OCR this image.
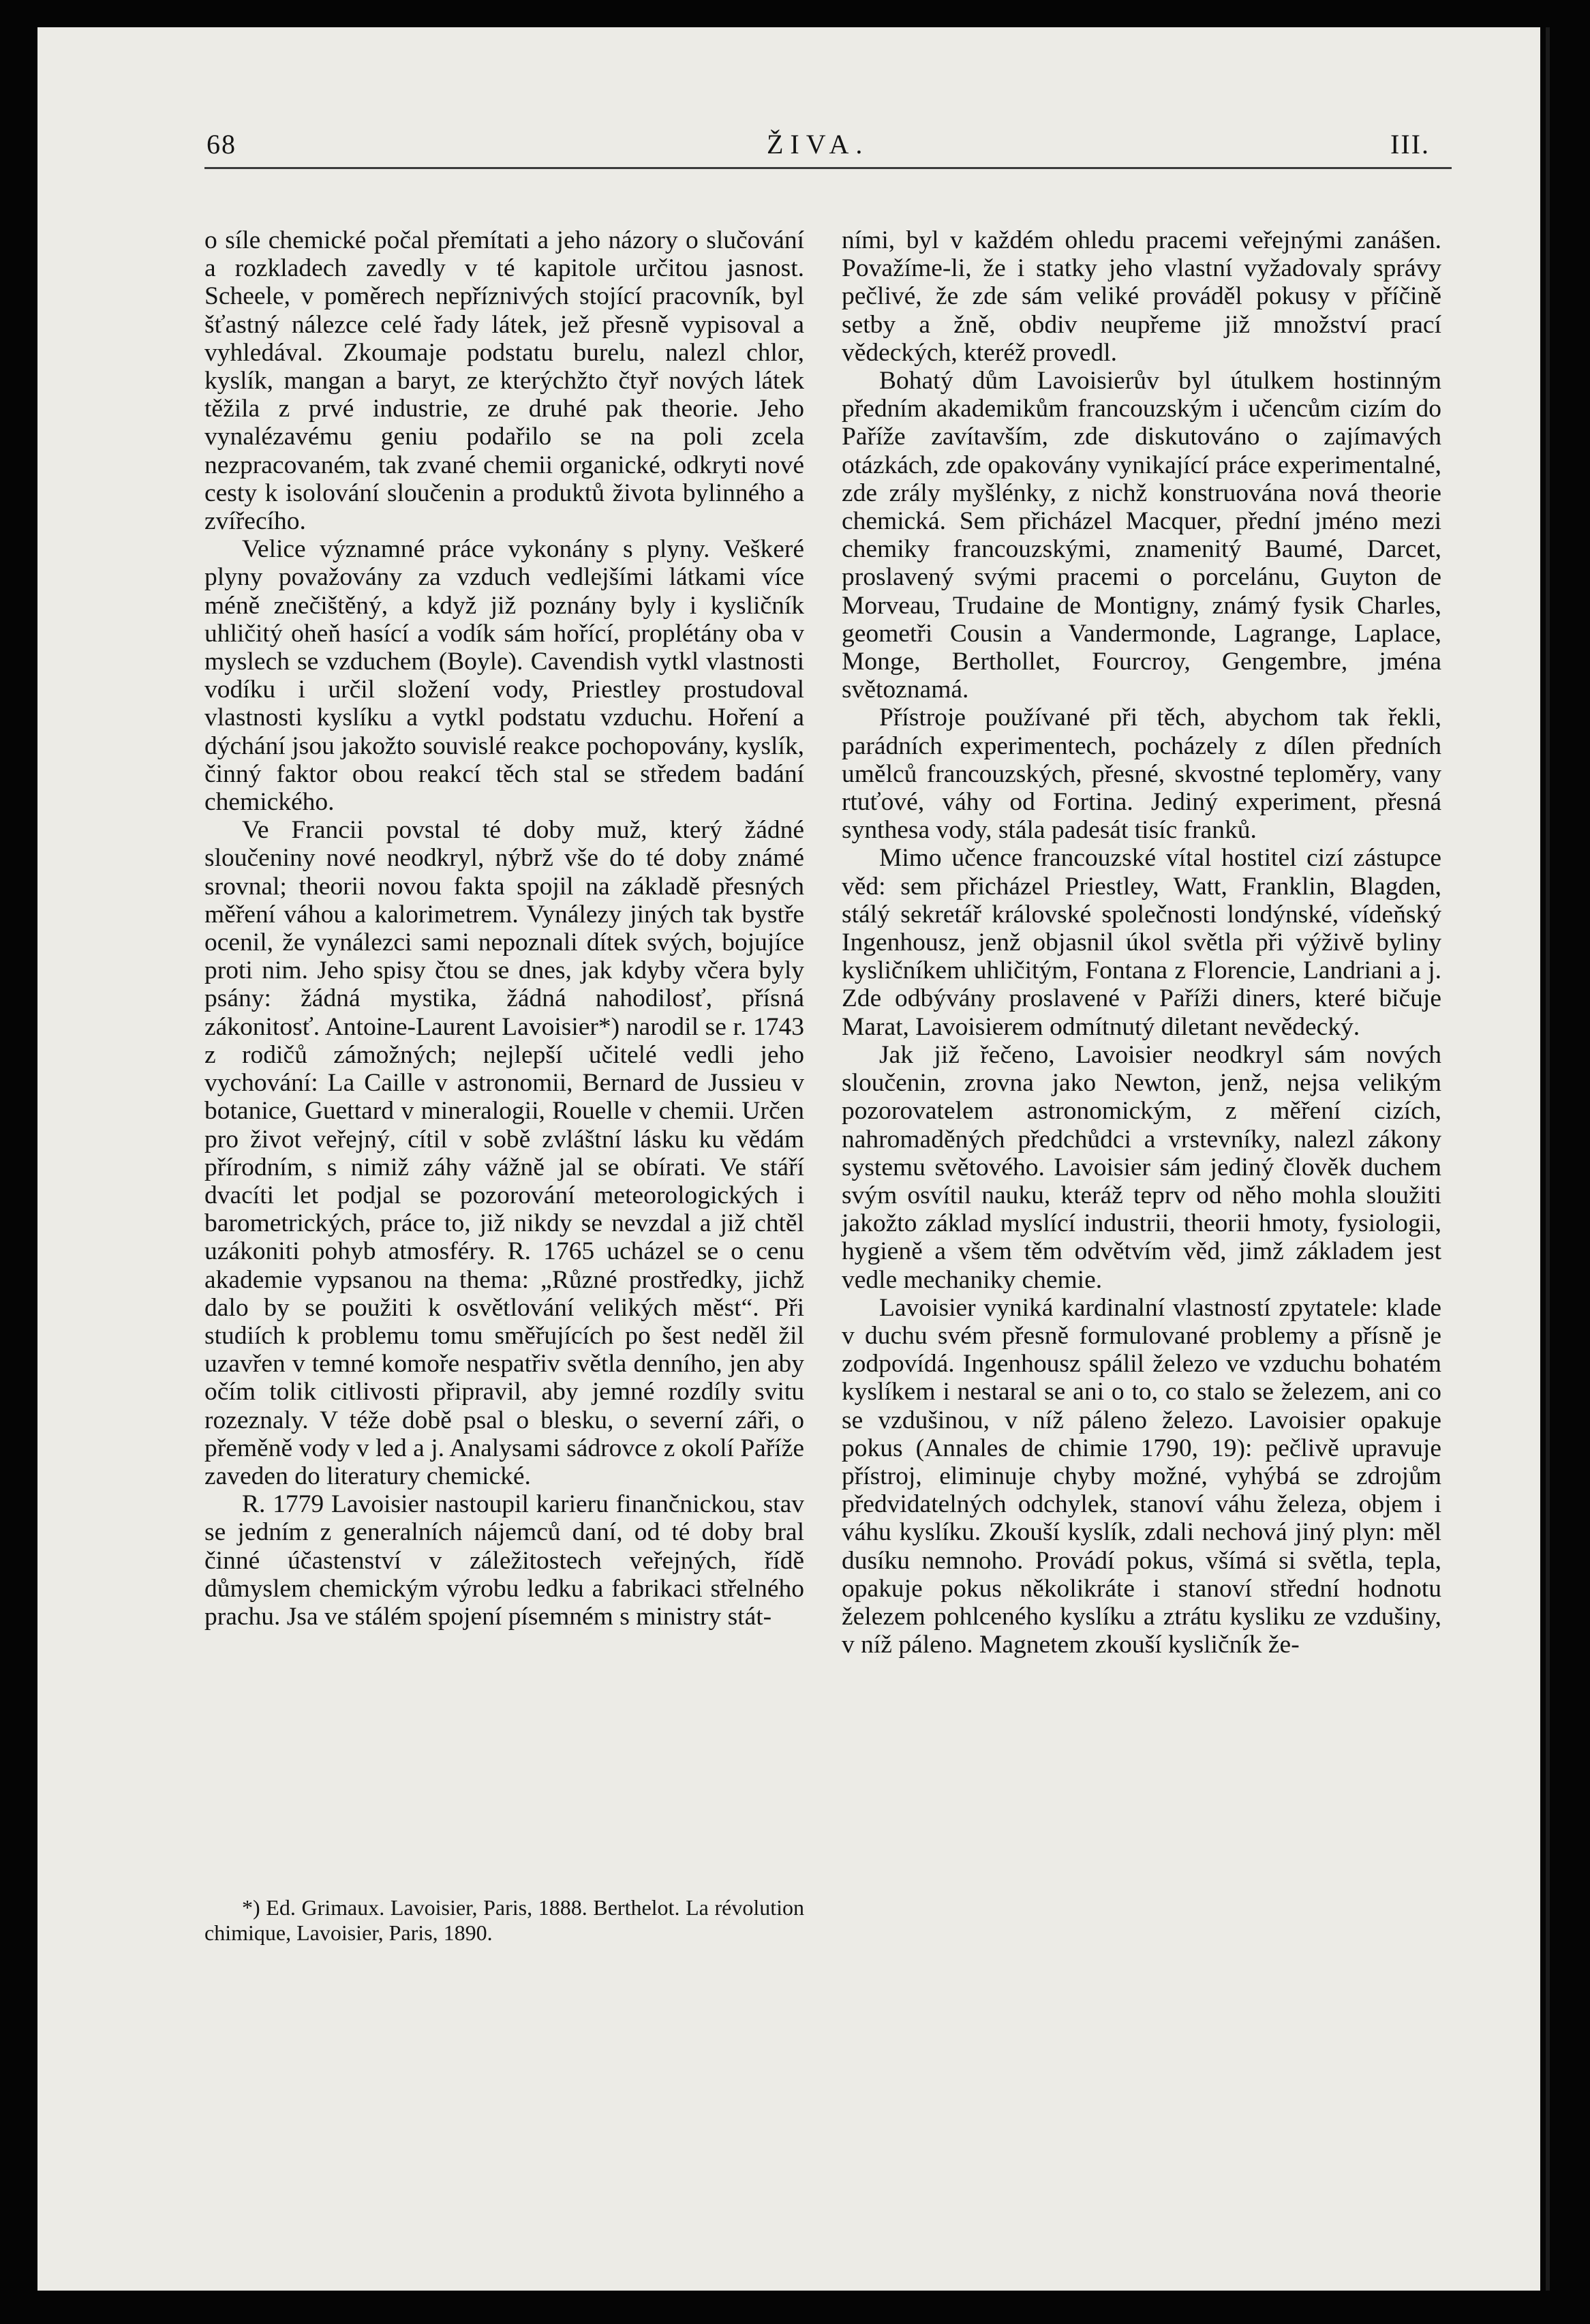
68	ŽIVA.	III.

o síle chemické počal přemítati a jeho názory o slučování a rozkladech zavedly v té kapitole určitou jasnost. Scheele, v poměrech nepříznivých stojící pracovník, byl šťastný nálezce celé řady látek, jež přesně vypisoval a vyhledával. Zkoumaje podstatu burelu, nalezl chlor, kyslík, mangan a baryt, ze kterýchžto čtyř nových látek těžila z prvé industrie, ze druhé pak theorie. Jeho vynalézavému geniu podařilo se na poli zcela nezpracovaném, tak zvané chemii organické, odkryti nové cesty k isolování sloučenin a produktů života bylinného a zvířecího.

Velice významné práce vykonány s plyny. Veškeré plyny považovány za vzduch vedlejšími látkami více méně znečištěný, a když již poznány byly i kysličník uhličitý oheň hasící a vodík sám hořící, proplétány oba v myslech se vzduchem (Boyle). Cavendish vytkl vlastnosti vodíku i určil složení vody, Priestley prostudoval vlastnosti kyslíku a vytkl podstatu vzduchu. Hoření a dýchání jsou jakožto souvislé reakce pochopovány, kyslík, činný faktor obou reakcí těch stal se středem badání chemického.

Ve Francii povstal té doby muž, který žádné sloučeniny nové neodkryl, nýbrž vše do té doby známé srovnal; theorii novou fakta spojil na základě přesných měření váhou a kalorimetrem. Vynálezy jiných tak bystře ocenil, že vynálezci sami nepoznali dítek svých, bojujíce proti nim. Jeho spisy čtou se dnes, jak kdyby včera byly psány: žádná mystika, žádná nahodilosť, přísná zákonitosť. Antoine-Laurent Lavoisier*) narodil se r. 1743 z rodičů zámožných; nejlepší učitelé vedli jeho vychování: La Caille v astronomii, Bernard de Jussieu v botanice, Guettard v mineralogii, Rouelle v chemii. Určen pro život veřejný, cítil v sobě zvláštní lásku ku vědám přírodním, s nimiž záhy vážně jal se obírati. Ve stáří dvacíti let podjal se pozorování meteorologických i barometrických, práce to, již nikdy se nevzdal a již chtěl uzákoniti pohyb atmosféry. R. 1765 ucházel se o cenu akademie vypsanou na thema: „Různé prostředky, jichž dalo by se použiti k osvětlování velikých měst“. Při studiích k problemu tomu směřujících po šest neděl žil uzavřen v temné komoře nespatřiv světla denního, jen aby očím tolik citlivosti připravil, aby jemné rozdíly svitu rozeznaly. V téže době psal o blesku, o severní záři, o přeměně vody v led a j. Analysami sádrovce z okolí Paříže zaveden do literatury chemické.

R. 1779 Lavoisier nastoupil karieru finančnickou, stav se jedním z generalních nájemců daní, od té doby bral činné účastenství v záležitostech veřejných, řídě důmyslem chemickým výrobu ledku a fabrikaci střelného prachu. Jsa ve stálém spojení písemném s ministry stát-

*) Ed. Grimaux. Lavoisier, Paris, 1888. Berthelot. La révolution chimique, Lavoisier, Paris, 1890.

ními, byl v každém ohledu pracemi veřejnými zanášen. Považíme-li, že i statky jeho vlastní vyžadovaly správy pečlivé, že zde sám veliké prováděl pokusy v příčině setby a žně, obdiv neupřeme již množství prací vědeckých, kteréž provedl.

Bohatý dům Lavoisierův byl útulkem hostinným předním akademikům francouzským i učencům cizím do Paříže zavítavším, zde diskutováno o zajímavých otázkách, zde opakovány vynikající práce experimentalné, zde zrály myšlénky, z nichž konstruována nová theorie chemická. Sem přicházel Macquer, přední jméno mezi chemiky francouzskými, znamenitý Baumé, Darcet, proslavený svými pracemi o porcelánu, Guyton de Morveau, Trudaine de Montigny, známý fysik Charles, geometři Cousin a Vandermonde, Lagrange, Laplace, Monge, Berthollet, Fourcroy, Gengembre, jména světoznamá.

Přístroje používané při těch, abychom tak řekli, parádních experimentech, pocházely z dílen předních umělců francouzských, přesné, skvostné teploměry, vany rtuťové, váhy od Fortina. Jediný experiment, přesná synthesa vody, stála padesát tisíc franků.

Mimo učence francouzské vítal hostitel cizí zástupce věd: sem přicházel Priestley, Watt, Franklin, Blagden, stálý sekretář královské společnosti londýnské, vídeňský Ingenhousz, jenž objasnil úkol světla při výživě byliny kysličníkem uhličitým, Fontana z Florencie, Landriani a j. Zde odbývány proslavené v Paříži diners, které bičuje Marat, Lavoisierem odmítnutý diletant nevědecký.

Jak již řečeno, Lavoisier neodkryl sám nových sloučenin, zrovna jako Newton, jenž, nejsa velikým pozorovatelem astronomickým, z měření cizích, nahromaděných předchůdci a vrstevníky, nalezl zákony systemu světového. Lavoisier sám jediný člověk duchem svým osvítil nauku, kteráž teprv od něho mohla sloužiti jakožto základ myslící industrii, theorii hmoty, fysiologii, hygieně a všem těm odvětvím věd, jimž základem jest vedle mechaniky chemie.

Lavoisier vyniká kardinalní vlastností zpytatele: klade v duchu svém přesně formulované problemy a přísně je zodpovídá. Ingenhousz spálil železo ve vzduchu bohatém kyslíkem i nestaral se ani o to, co stalo se železem, ani co se vzdušinou, v níž páleno železo. Lavoisier opakuje pokus (Annales de chimie 1790, 19): pečlivě upravuje přístroj, eliminuje chyby možné, vyhýbá se zdrojům předvidatelných odchylek, stanoví váhu železa, objem i váhu kyslíku. Zkouší kyslík, zdali nechová jiný plyn: měl dusíku nemnoho. Provádí pokus, všímá si světla, tepla, opakuje pokus několikráte i stanoví střední hodnotu železem pohlceného kyslíku a ztrátu kysliku ze vzdušiny, v níž páleno. Magnetem zkouší kysličník že-
